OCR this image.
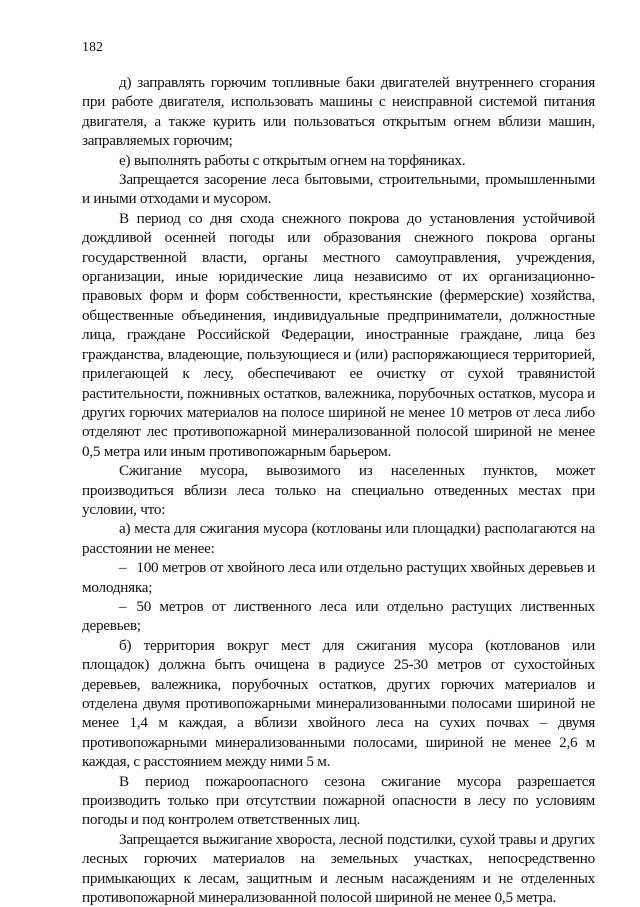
182

д) заправлять горючим топливные баки двигателей внутреннего сгорания при работе двигателя, использовать машины с неисправной системой питания двигателя, а также курить или пользоваться открытым огнем вблизи машин, заправляемых горючим;

е) выполнять работы с открытым огнем на торфяниках.

Запрещается засорение леса бытовыми, строительными, промышленными и иными отходами и мусором.

В период со дня схода снежного покрова до установления устойчивой дождливой осенней погоды или образования снежного покрова органы государственной власти, органы местного самоуправления, учреждения, организации, иные юридические лица независимо от их организационно-правовых форм и форм собственности, крестьянские (фермерские) хозяйства, общественные объединения, индивидуальные предприниматели, должностные лица, граждане Российской Федерации, иностранные граждане, лица без гражданства, владеющие, пользующиеся и (или) распоряжающиеся территорией, прилегающей к лесу, обеспечивают ее очистку от сухой травянистой растительности, пожнивных остатков, валежника, порубочных остатков, мусора и других горючих материалов на полосе шириной не менее 10 метров от леса либо отделяют лес противопожарной минерализованной полосой шириной не менее 0,5 метра или иным противопожарным барьером.

Сжигание мусора, вывозимого из населенных пунктов, может производиться вблизи леса только на специально отведенных местах при условии, что:

а) места для сжигания мусора (котлованы или площадки) располагаются на расстоянии не менее:

– 100 метров от хвойного леса или отдельно растущих хвойных деревьев и молодняка;

– 50 метров от лиственного леса или отдельно растущих лиственных деревьев;

б) территория вокруг мест для сжигания мусора (котлованов или площадок) должна быть очищена в радиусе 25-30 метров от сухостойных деревьев, валежника, порубочных остатков, других горючих материалов и отделена двумя противопожарными минерализованными полосами шириной не менее 1,4 м каждая, а вблизи хвойного леса на сухих почвах – двумя противопожарными минерализованными полосами, шириной не менее 2,6 м каждая, с расстоянием между ними 5 м.

В период пожароопасного сезона сжигание мусора разрешается производить только при отсутствии пожарной опасности в лесу по условиям погоды и под контролем ответственных лиц.

Запрещается выжигание хвороста, лесной подстилки, сухой травы и других лесных горючих материалов на земельных участках, непосредственно примыкающих к лесам, защитным и лесным насаждениям и не отделенных противопожарной минерализованной полосой шириной не менее 0,5 метра.
